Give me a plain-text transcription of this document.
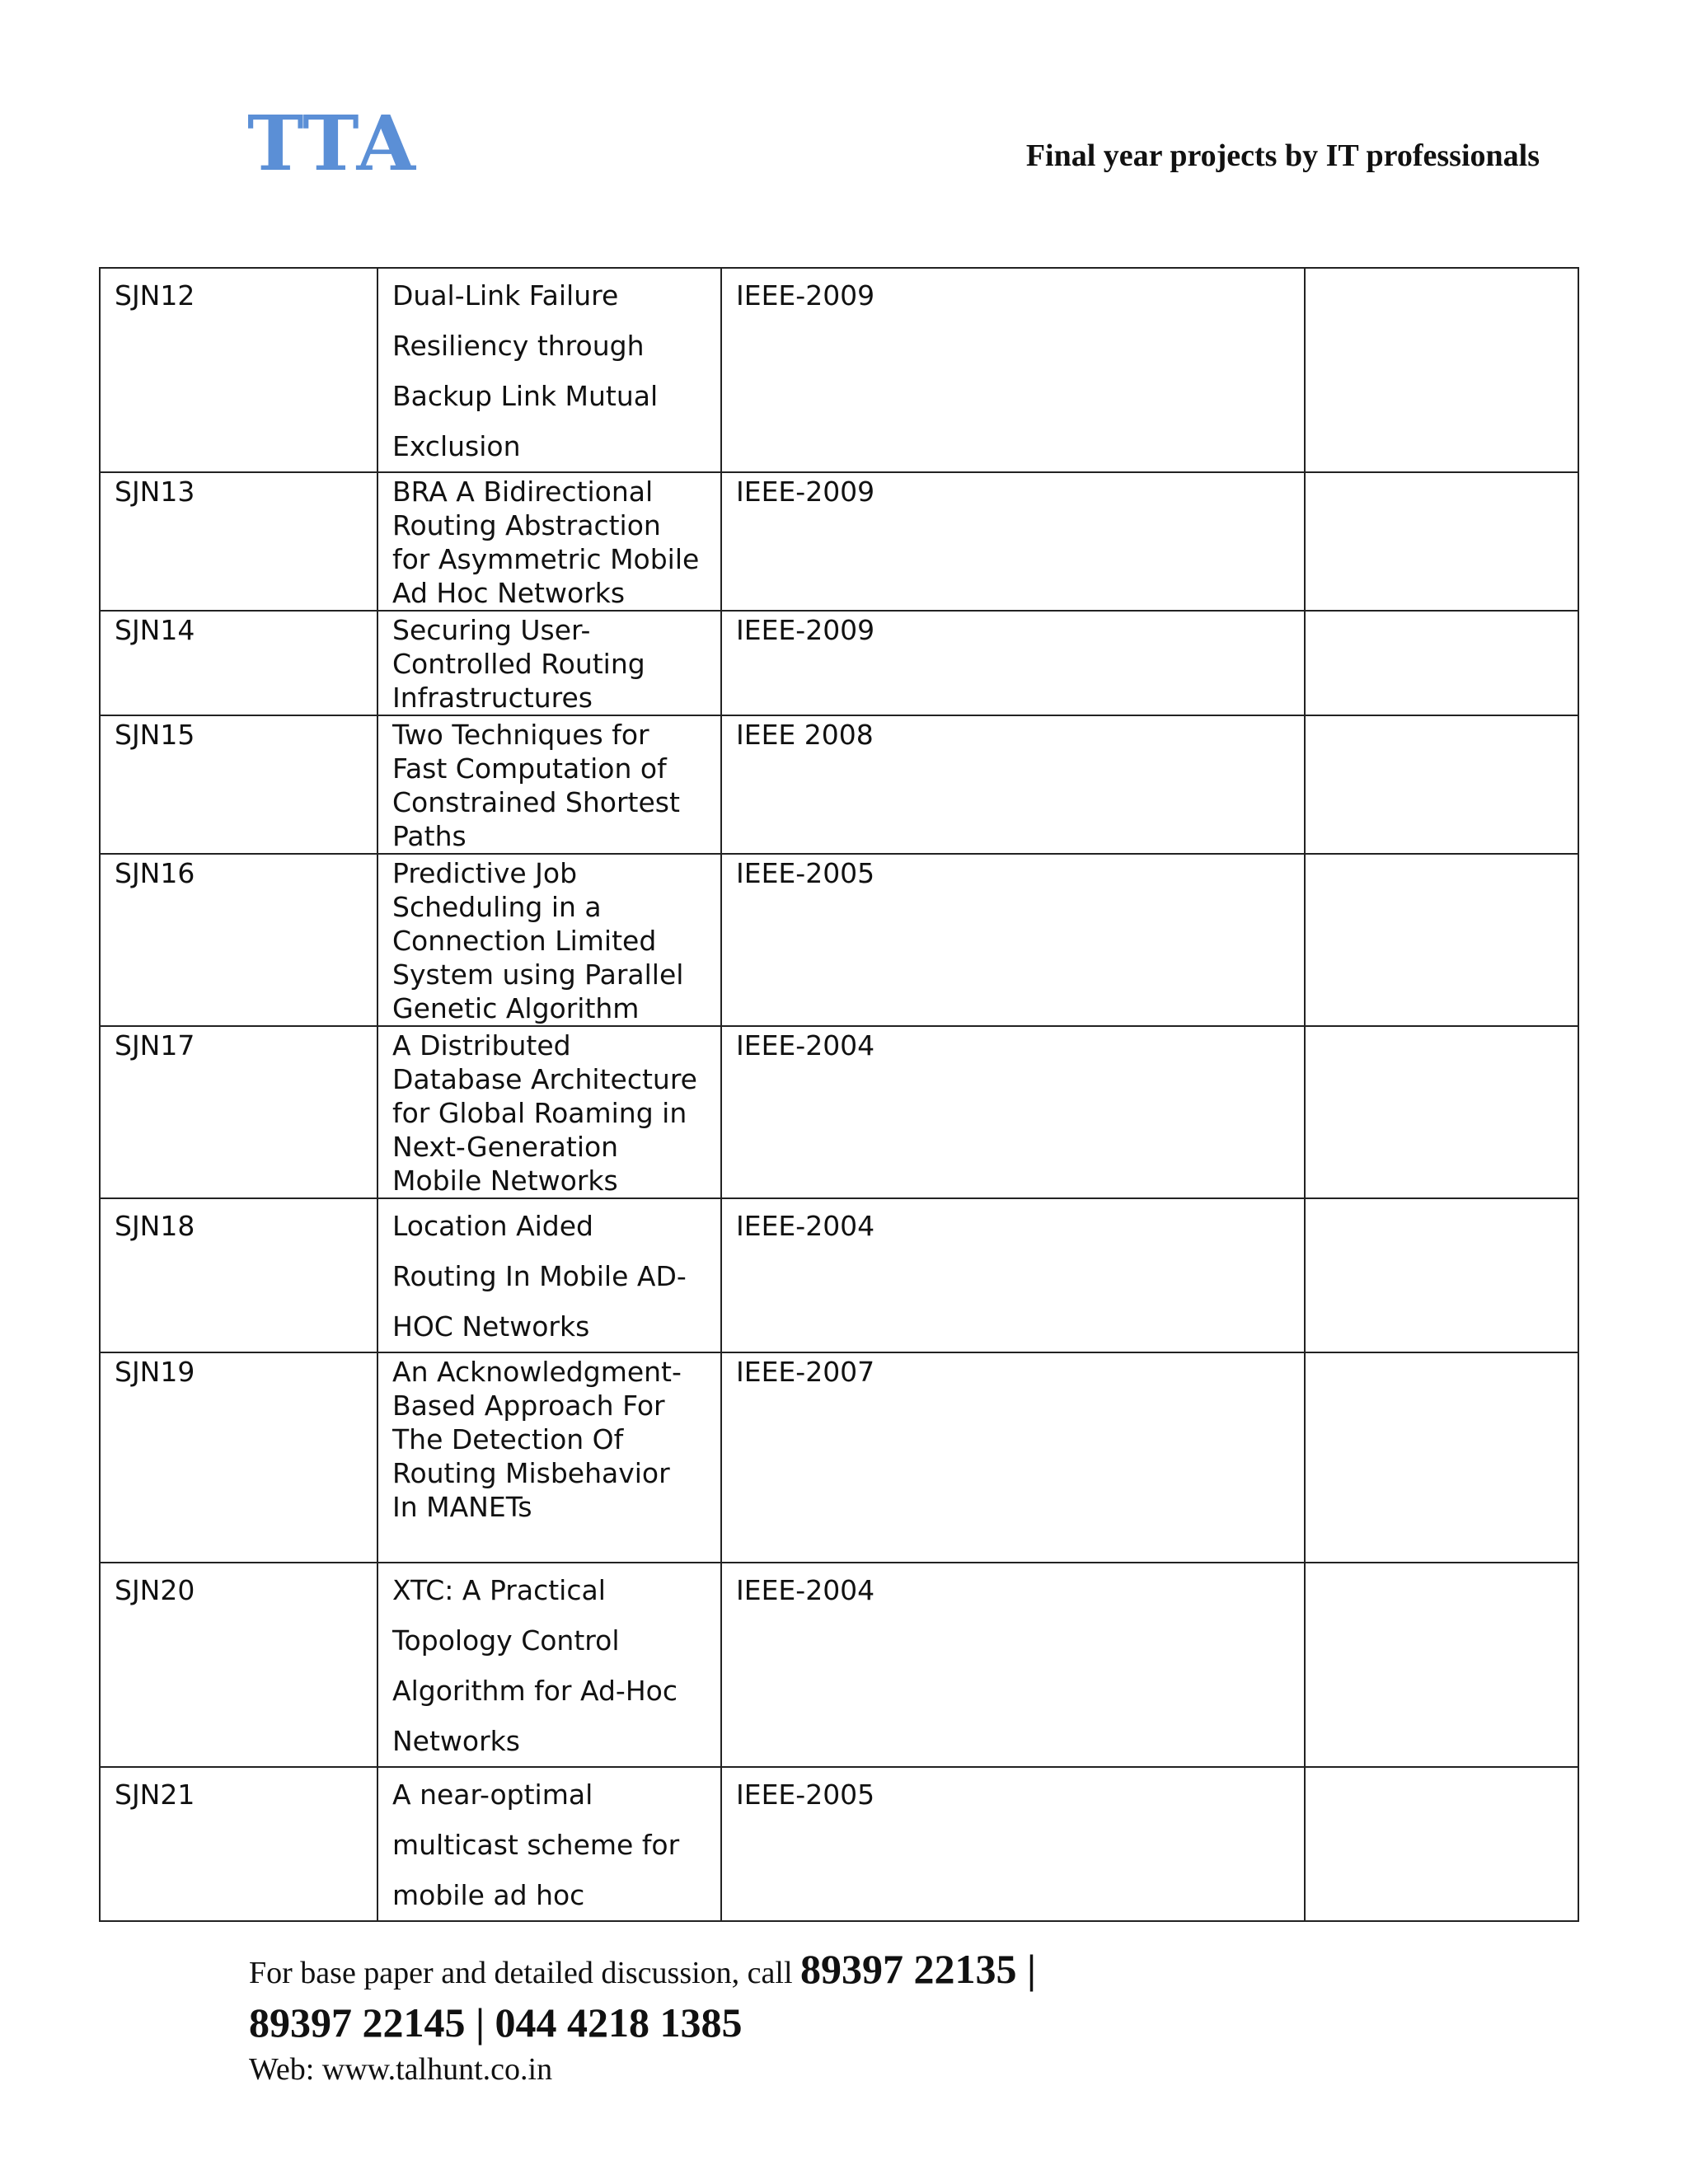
TTA	Final year projects by IT professionals
SJN12	Dual-Link Failure
Resiliency through
Backup Link Mutual
Exclusion	IEEE-2009	
SJN13	BRA A Bidirectional
Routing Abstraction
for Asymmetric Mobile
Ad Hoc Networks	IEEE-2009	
SJN14	Securing User-
Controlled Routing
Infrastructures	IEEE-2009	
SJN15	Two Techniques for
Fast Computation of
Constrained Shortest
Paths	IEEE 2008	
SJN16	Predictive Job
Scheduling in a
Connection Limited
System using Parallel
Genetic Algorithm	IEEE-2005	
SJN17	A Distributed
Database Architecture
for Global Roaming in
Next-Generation
Mobile Networks	IEEE-2004	
SJN18	Location Aided
Routing In Mobile AD-
HOC Networks	IEEE-2004	
SJN19	An Acknowledgment-
Based Approach For
The Detection Of
Routing Misbehavior
In MANETs	IEEE-2007	
SJN20	XTC: A Practical
Topology Control
Algorithm for Ad-Hoc
Networks	IEEE-2004	
SJN21	A near-optimal
multicast scheme for
mobile ad hoc	IEEE-2005	
For base paper and detailed discussion, call 89397 22135 |
89397 22145 | 044 4218 1385
Web: www.talhunt.co.in
